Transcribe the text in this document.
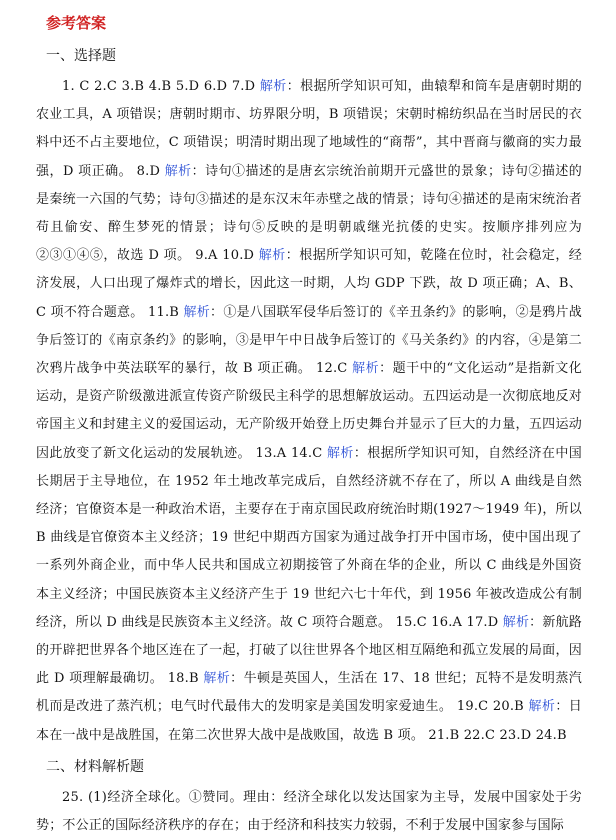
参考答案
一、选择题
1. C 2.C 3.B 4.B 5.D 6.D 7.D 解析：根据所学知识可知，曲辕犁和筒车是唐朝时期的农业工具，A 项错误；唐朝时期市、坊界限分明，B 项错误；宋朝时棉纺织品在当时居民的衣料中还不占主要地位，C 项错误；明清时期出现了地域性的“商帮”，其中晋商与徽商的实力最强，D 项正确。 8.D 解析：诗句①描述的是唐玄宗统治前期开元盛世的景象；诗句②描述的是秦统一六国的气势；诗句③描述的是东汉末年赤壁之战的情景；诗句④描述的是南宋统治者苟且偷安、醉生梦死的情景；诗句⑤反映的是明朝戚继光抗倭的史实。按顺序排列应为②③①④⑤，故选 D 项。 9.A 10.D 解析：根据所学知识可知，乾隆在位时，社会稳定，经济发展，人口出现了爆炸式的增长，因此这一时期，人均 GDP 下跌，故 D 项正确；A、B、C 项不符合题意。 11.B 解析：①是八国联军侵华后签订的《辛丑条约》的影响，②是鸦片战争后签订的《南京条约》的影响，③是甲午中日战争后签订的《马关条约》的内容，④是第二次鸦片战争中英法联军的暴行，故 B 项正确。 12.C 解析：题干中的“文化运动”是指新文化运动，是资产阶级激进派宣传资产阶级民主科学的思想解放运动。五四运动是一次彻底地反对帝国主义和封建主义的爱国运动，无产阶级开始登上历史舞台并显示了巨大的力量，五四运动因此放变了新文化运动的发展轨迹。 13.A 14.C 解析：根据所学知识可知，自然经济在中国长期居于主导地位，在 1952 年土地改革完成后，自然经济就不存在了，所以 A 曲线是自然经济；官僚资本是一种政治术语，主要存在于南京国民政府统治时期(1927～1949 年)，所以 B 曲线是官僚资本主义经济；19 世纪中期西方国家为通过战争打开中国市场，使中国出现了一系列外商企业，而中华人民共和国成立初期接管了外商在华的企业，所以 C 曲线是外国资本主义经济；中国民族资本主义经济产生于 19 世纪六七十年代，到 1956 年被改造成公有制经济，所以 D 曲线是民族资本主义经济。故 C 项符合题意。 15.C 16.A 17.D 解析：新航路的开辟把世界各个地区连在了一起，打破了以往世界各个地区相互隔绝和孤立发展的局面，因此 D 项理解最确切。 18.B 解析：牛顿是英国人，生活在 17、18 世纪；瓦特不是发明蒸汽机而是改进了蒸汽机；电气时代最伟大的发明家是美国发明家爱迪生。 19.C 20.B 解析：日本在一战中是战胜国，在第二次世界大战中是战败国，故选 B 项。 21.B 22.C 23.D 24.B
二、材料解析题
25. (1)经济全球化。①赞同。理由：经济全球化以发达国家为主导，发展中国家处于劣势；不公正的国际经济秩序的存在；由于经济和科技实力较弱，不利于发展中国家参与国际
